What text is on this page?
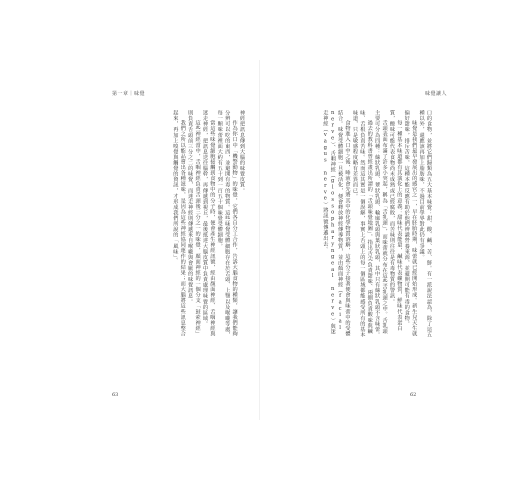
第一章｜味覺

神經把訊息傳到大腦的味覺皮質。

作為你口中「機警動物」的味覺，它們各自分工合作，告訴大腦食物的種類，讓我們能夠分辨可以吃的東西，並避開有毒的物質。這些味覺受體細胞存在於舌頭、上顎以及喉嚨等處，每一顆味蕾裡面大約有五十到一百五十個味覺受體細胞。

當這些味覺細胞接觸到食物中的分子時，便會產生神經訊號，經由顏面神經、舌咽神經與迷走神經，把訊息送往腦幹，再傳遞到視丘，最後抵達大腦皮質中負責處理味覺的區域。

這些神經當中，舌咽神經負責舌頭後三分之一的味覺，顏面神經的一個分支「鼓索神經」則負責舌頭前三分之二的味覺，而迷走神經則傳遞來自喉嚨與會厭的味覺訊息。

我們之所以能品嘗出各種滋味，是因為這些神經協同運作的結果；而大腦將這些訊息整合起來，再加上嗅覺與觸覺的資訊，才形成我們所說的「風味」。

63
味覺讓人

口的食物，並將它們歸類為五大基本味覺：甜、酸、鹹、苦、鮮。有一派說法認為，除了這五種以外，還應該再加上脂肪味，不過目前學界對此仍有爭議。

味覺是我們最早發展出的感官之一，早在胚胎時期，味蕾就已經開始形成。新生兒天生就偏好甜味，排斥苦味，這種本能反應有助於他們辨識營養來源，並避開可能有毒的食物。

每一種基本味道都有其演化上的意義：甜味代表能量，鹹味代表礦物質，鮮味代表蛋白質，酸味可能代表食物尚未成熟或已經腐敗，而苦味則往往是有毒物質的警訊。

舌頭表面布滿了許多小突起，稱為「舌乳頭」，而味蕾就分布在這些舌乳頭之中。舌乳頭主要可分為四種：絲狀乳頭、蕈狀乳頭、輪廓乳頭與葉狀乳頭，其中只有絲狀乳頭不含味蕾。

過去的教科書曾經畫出所謂的「舌頭味覺地圖」，指出舌尖負責甜味、兩側負責酸味與鹹味、舌根負責苦味。然而這其實是一個誤解，事實上舌頭上的每一個區域都能感受所有的基本味道，只是敏感程度略有差異而已。

食物進入口中之後，唾液會先將其中的化學物質溶解，這些分子接著便會與味蕾中的受體結合。味覺受體細胞一旦被活化，便會釋放神經傳導物質，並由顏面神經（facial nerve）、舌咽神經（glossopharyngeal nerve）與迷走神經（vagus nerve）將訊號傳遞出去。

62
